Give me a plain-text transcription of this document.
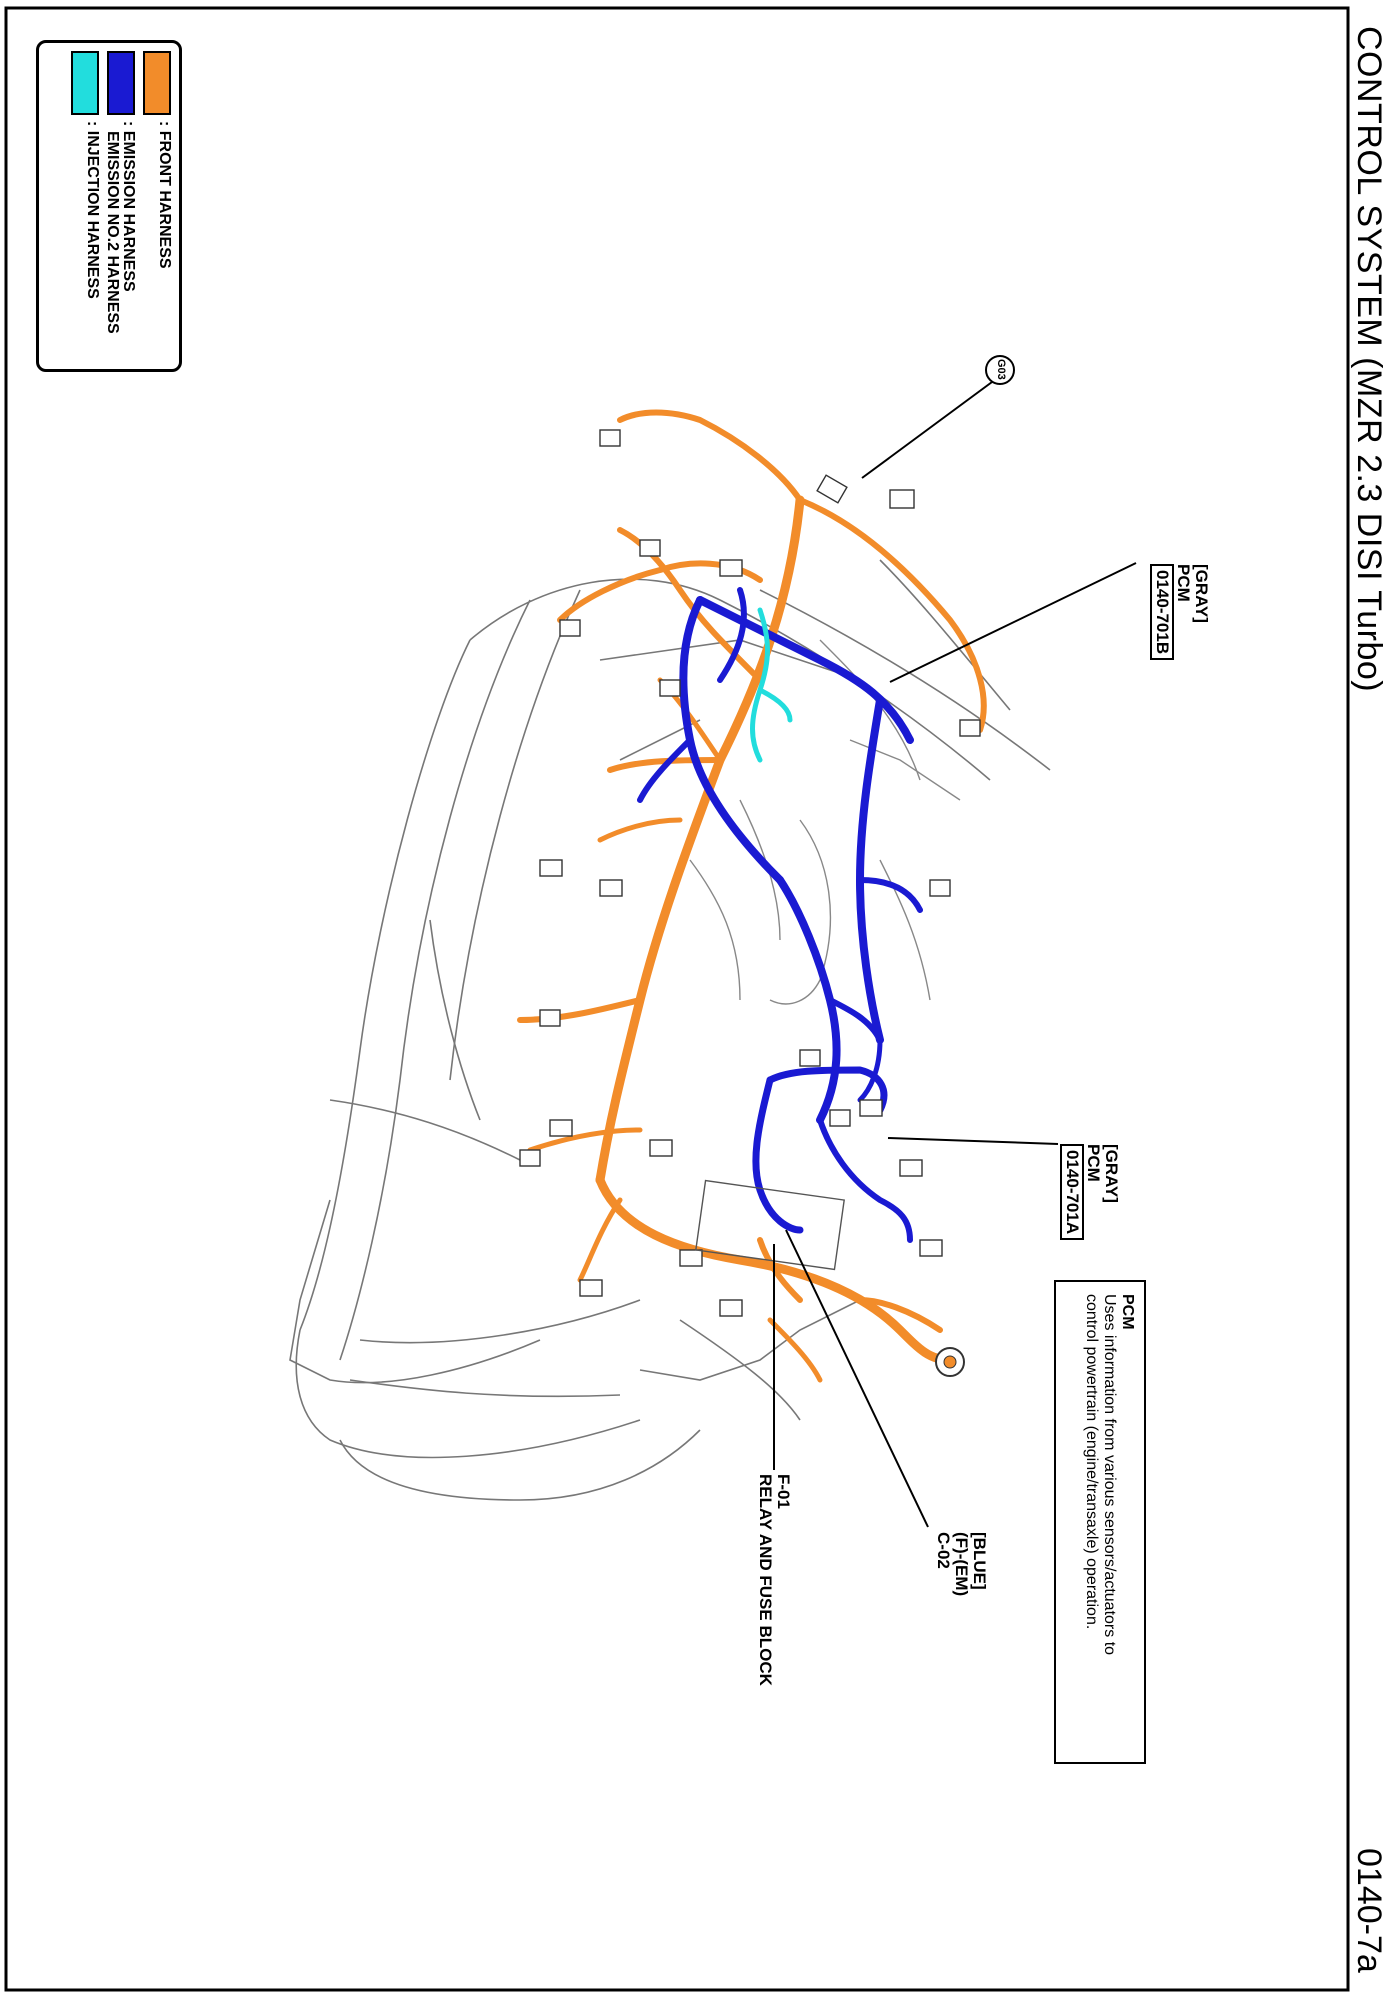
CONTROL SYSTEM (MZR 2.3 DISI Turbo)
0140-7a
: FRONT HARNESS
: EMISSION HARNESS
EMISSION NO.2 HARNESS
: INJECTION HARNESS
G03
[GRAY]
PCM
0140-701B
[GRAY]
PCM
0140-701A
[BLUE]
(F)-(EM)
C-02
F-01
RELAY AND FUSE BLOCK
PCM
Uses information from various sensors/actuators to
control powertrain (engine/transaxle) operation.
